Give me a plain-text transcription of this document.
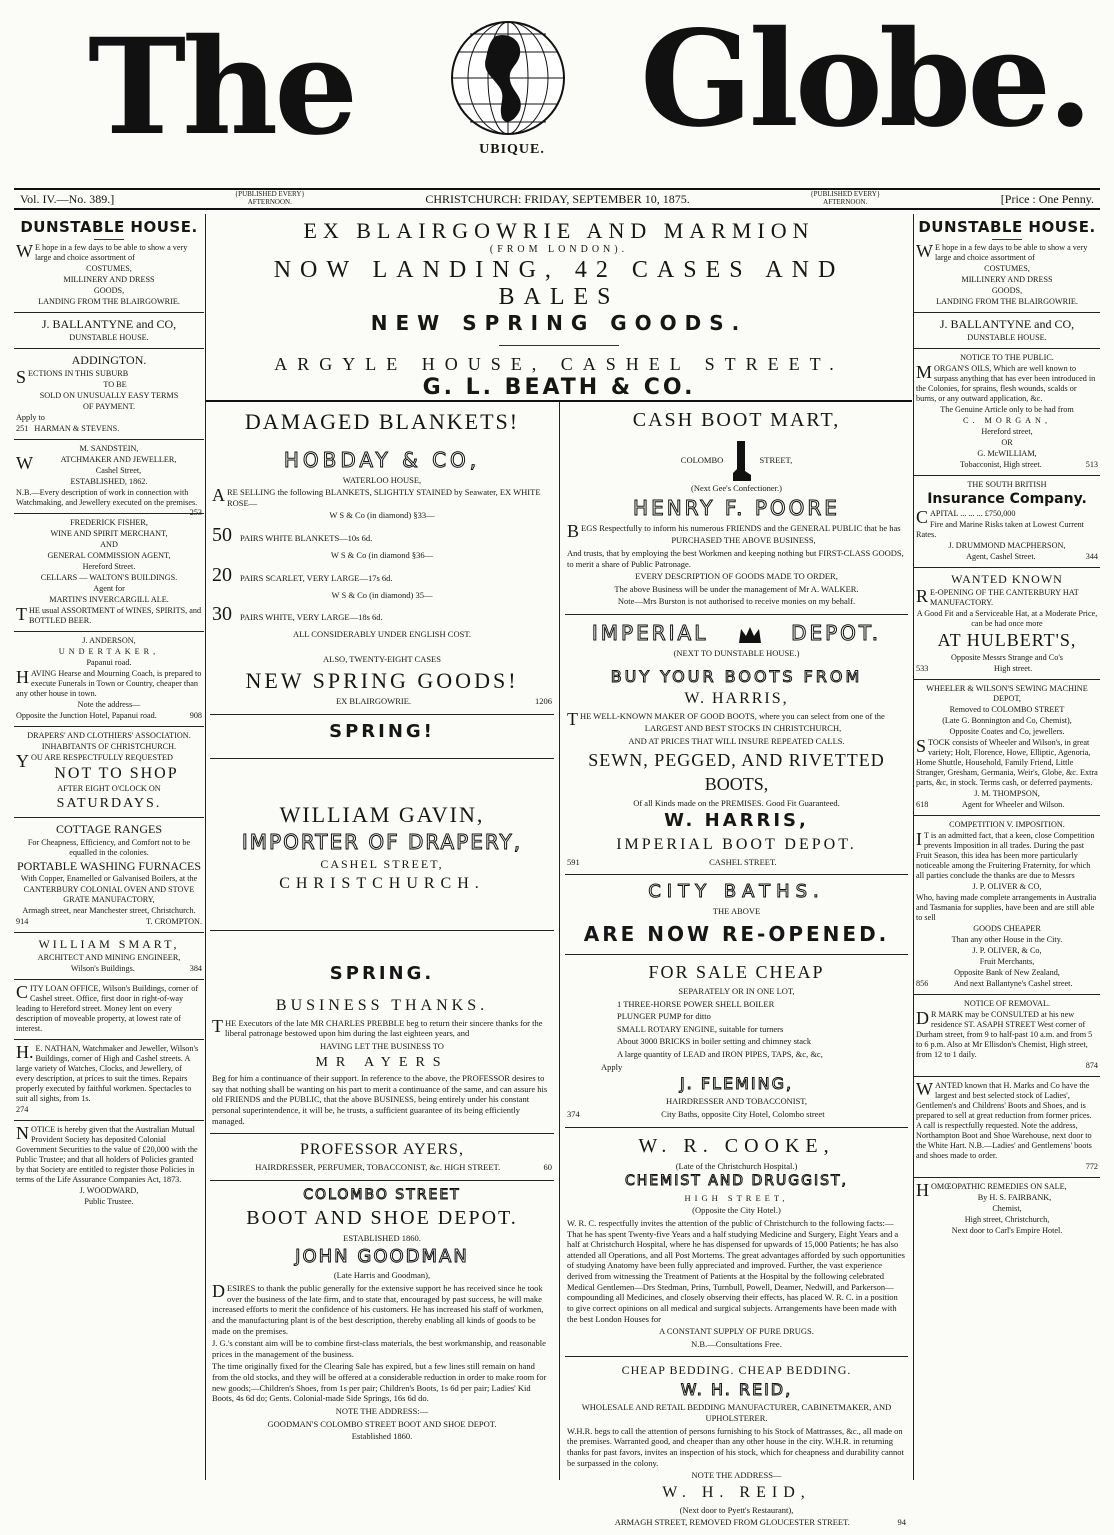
The	UBIQUE. Globe.
Vol. IV.—No. 389.]	{PUBLISHED EVERY}
AFTERNOON.	CHRISTCHURCH: FRIDAY, SEPTEMBER 10, 1875.	{PUBLISHED EVERY}
AFTERNOON.	[Price : One Penny.

DUNSTABLE HOUSE.

WE hope in a few days to be able to show a very large and choice assortment of

COSTUMES,

MILLINERY AND DRESS

GOODS,

LANDING FROM THE BLAIRGOWRIE.

J. BALLANTYNE and CO,

DUNSTABLE HOUSE.

ADDINGTON.

SECTIONS IN THIS SUBURB

TO BE

SOLD ON UNUSUALLY EASY TERMS

OF PAYMENT.

Apply to

251 HARMAN & STEVENS.

M. SANDSTEIN,

WATCHMAKER AND JEWELLER,

Cashel Street,

ESTABLISHED, 1862.

N.B.—Every description of work in connection with Watchmaking, and Jewellery executed on the premises.
253

FREDERICK FISHER,

WINE AND SPIRIT MERCHANT,

AND

GENERAL COMMISSION AGENT,

Hereford Street.

CELLARS — WALTON'S BUILDINGS.

Agent for

MARTIN'S INVERCARGILL ALE.

THE usual ASSORTMENT of WINES, SPIRITS, and BOTTLED BEER.

J. ANDERSON,

UNDERTAKER,

Papanui road.

HAVING Hearse and Mourning Coach, is prepared to execute Funerals in Town or Country, cheaper than any other house in town.

Note the address—

Opposite the Junction Hotel, Papanui road.	908

DRAPERS' AND CLOTHIERS' ASSOCIATION.

INHABITANTS OF CHRISTCHURCH.

YOU ARE RESPECTFULLY REQUESTED

NOT TO SHOP

AFTER EIGHT O'CLOCK ON

SATURDAYS.

COTTAGE RANGES

For Cheapness, Efficiency, and Comfort not to be equalled in the colonies.

PORTABLE WASHING FURNACES

With Copper, Enamelled or Galvanised Boilers, at the

CANTERBURY COLONIAL OVEN AND STOVE GRATE MANUFACTORY,

Armagh street, near Manchester street, Christchurch.

914	T. CROMPTON.

WILLIAM SMART,

ARCHITECT AND MINING ENGINEER,

Wilson's Buildings.	384

CITY LOAN OFFICE, Wilson's Buildings, corner of Cashel street. Office, first door in right-of-way leading to Hereford street. Money lent on every description of moveable property, at lowest rate of interest.

H.E. NATHAN, Watchmaker and Jeweller, Wilson's Buildings, corner of High and Cashel streets. A large variety of Watches, Clocks, and Jewellery, of every description, at prices to suit the times. Repairs properly executed by faithful workmen. Spectacles to suit all sights, from 1s.

274

NOTICE is hereby given that the Australian Mutual Provident Society has deposited Colonial Government Securities to the value of £20,000 with the Public Trustee; and that all holders of Policies granted by that Society are entitled to register those Policies in terms of the Life Assurance Companies Act, 1873.

J. WOODWARD,

Public Trustee.

EX BLAIRGOWRIE AND MARMION
(FROM LONDON).
NOW LANDING, 42 CASES AND BALES
NEW SPRING GOODS.
ARGYLE HOUSE, CASHEL STREET.
G. L. BEATH & CO.

DAMAGED BLANKETS!

HOBDAY & CO,

WATERLOO HOUSE,

ARE SELLING the following BLANKETS, SLIGHTLY STAINED by Seawater, EX WHITE ROSE—

W S & Co (in diamond) §33—

50 PAIRS WHITE BLANKETS—10s 6d.

W S & Co (in diamond §36—

20 PAIRS SCARLET, VERY LARGE—17s 6d.

W S & Co (in diamond) 35—

30 PAIRS WHITE, VERY LARGE—18s 6d.

ALL CONSIDERABLY UNDER ENGLISH COST.

ALSO, TWENTY-EIGHT CASES

NEW SPRING GOODS!

EX BLAIRGOWRIE.	1206

SPRING!

WILLIAM GAVIN,

IMPORTER OF DRAPERY,

CASHEL STREET,

CHRISTCHURCH.

SPRING.

BUSINESS THANKS.

THE Executors of the late MR CHARLES PREBBLE beg to return their sincere thanks for the liberal patronage bestowed upon him during the last eighteen years, and

HAVING LET THE BUSINESS TO

MR AYERS

Beg for him a continuance of their support. In reference to the above, the PROFESSOR desires to say that nothing shall be wanting on his part to merit a continuance of the same, and can assure his old FRIENDS and the PUBLIC, that the above BUSINESS, being entirely under his constant personal superintendence, it will be, he trusts, a sufficient guarantee of its being efficiently managed.

PROFESSOR AYERS,

HAIRDRESSER, PERFUMER, TOBACCONIST, &c. HIGH STREET.	60

COLOMBO STREET

BOOT AND SHOE DEPOT.

ESTABLISHED 1860.

JOHN GOODMAN

(Late Harris and Goodman),

DESIRES to thank the public generally for the extensive support he has received since he took over the business of the late firm, and to state that, encouraged by past success, he will make increased efforts to merit the confidence of his customers. He has increased his staff of workmen, and the manufacturing plant is of the best description, thereby enabling all kinds of goods to be made on the premises.

J. G.'s constant aim will be to combine first-class materials, the best workmanship, and reasonable prices in the management of the business.

The time originally fixed for the Clearing Sale has expired, but a few lines still remain on hand from the old stocks, and they will be offered at a considerable reduction in order to make room for new goods;—Children's Shoes, from 1s per pair; Children's Boots, 1s 6d per pair; Ladies' Kid Boots, 4s 6d do; Gents. Colonial-made Side Springs, 16s 6d do.

NOTE THE ADDRESS:—

GOODMAN'S COLOMBO STREET BOOT AND SHOE DEPOT.

Established 1860.

CASH BOOT MART,

COLOMBO	STREET,

(Next Gee's Confectioner.)

HENRY F. POORE

BEGS Respectfully to inform his numerous FRIENDS and the GENERAL PUBLIC that he has

PURCHASED THE ABOVE BUSINESS,

And trusts, that by employing the best Workmen and keeping nothing but FIRST-CLASS GOODS, to merit a share of Public Patronage.

EVERY DESCRIPTION OF GOODS MADE TO ORDER,

The above Business will be under the management of Mr A. WALKER.

Note—Mrs Burston is not authorised to receive monies on my behalf.

IMPERIAL	DEPOT.

(NEXT TO DUNSTABLE HOUSE.)

BUY YOUR BOOTS FROM

W. HARRIS,

THE WELL-KNOWN MAKER OF GOOD BOOTS, where you can select from one of the

LARGEST AND BEST STOCKS IN CHRISTCHURCH,

AND AT PRICES THAT WILL INSURE REPEATED CALLS.

SEWN, PEGGED, AND RIVETTED

BOOTS,

Of all Kinds made on the PREMISES. Good Fit Guaranteed.

W. HARRIS,

IMPERIAL BOOT DEPOT.

591	CASHEL STREET.

CITY BATHS.

THE ABOVE

ARE NOW RE-OPENED.

FOR SALE CHEAP

SEPARATELY OR IN ONE LOT,

1 THREE-HORSE POWER SHELL BOILER

PLUNGER PUMP for ditto

SMALL ROTARY ENGINE, suitable for turners

About 3000 BRICKS in boiler setting and chimney stack

A large quantity of LEAD and IRON PIPES, TAPS, &c, &c,

Apply

J. FLEMING,

HAIRDRESSER AND TOBACCONIST,

374	City Baths, opposite City Hotel, Colombo street

W. R. COOKE,

(Late of the Christchurch Hospital.)

CHEMIST AND DRUGGIST,

HIGH STREET,

(Opposite the City Hotel.)

W. R. C. respectfully invites the attention of the public of Christchurch to the following facts:—That he has spent Twenty-five Years and a half studying Medicine and Surgery, Eight Years and a half at Christchurch Hospital, where he has dispensed for upwards of 15,000 Patients; he has also attended all Operations, and all Post Mortems. The great advantages afforded by such opportunities of studying Anatomy have been fully appreciated and improved. Further, the vast experience derived from witnessing the Treatment of Patients at the Hospital by the following celebrated Medical Gentlemen—Drs Stedman, Prins, Turnbull, Powell, Deamer, Nedwill, and Parkerson—compounding all Medicines, and closely observing their effects, has placed W. R. C. in a position to give correct opinions on all medical and surgical subjects. Arrangements have been made with the best London Houses for

A CONSTANT SUPPLY OF PURE DRUGS.

N.B.—Consultations Free.

CHEAP BEDDING. CHEAP BEDDING.

W. H. REID,

WHOLESALE AND RETAIL BEDDING MANUFACTURER, CABINETMAKER, AND UPHOLSTERER.

W.H.R. begs to call the attention of persons furnishing to his Stock of Mattrasses, &c., all made on the premises. Warranted good, and cheaper than any other house in the city. W.H.R. in returning thanks for past favors, invites an inspection of his stock, which for cheapness and durability cannot be surpassed in the colony.

NOTE THE ADDRESS—

W. H. REID,

(Next door to Pyett's Restaurant),

ARMAGH STREET, REMOVED FROM GLOUCESTER STREET.	94

DUNSTABLE HOUSE.

WE hope in a few days to be able to show a very large and choice assortment of

COSTUMES,

MILLINERY AND DRESS

GOODS,

LANDING FROM THE BLAIRGOWRIE.

J. BALLANTYNE and CO,

DUNSTABLE HOUSE.

NOTICE TO THE PUBLIC.

MORGAN'S OILS, Which are well known to surpass anything that has ever been introduced in the Colonies, for sprains, flesh wounds, scalds or burns, or any outward application, &c.

The Genuine Article only to be had from

C. MORGAN,

Hereford street,

OR

G. McWILLIAM,

Tobacconist, High street.	513

THE SOUTH BRITISH

Insurance Company.

CAPITAL ... ... ... £750,000

Fire and Marine Risks taken at Lowest Current Rates.

J. DRUMMOND MACPHERSON,

Agent, Cashel Street.	344

WANTED KNOWN

RE-OPENING OF THE CANTERBURY HAT MANUFACTORY.

A Good Fit and a Serviceable Hat, at a Moderate Price, can be had once more

AT HULBERT'S,

Opposite Messrs Strange and Co's

533	High street.

WHEELER & WILSON'S SEWING MACHINE DEPOT,

Removed to COLOMBO STREET

(Late G. Bonnington and Co, Chemist),

Opposite Coates and Co, jewellers.

STOCK consists of Wheeler and Wilson's, in great variety; Holt, Florence, Howe, Elliptic, Agenoria, Home Shuttle, Household, Family Friend, Little Stranger, Gresham, Germania, Weir's, Globe, &c. Extra parts, &c, in stock. Terms cash, or deferred payments.

J. M. THOMPSON,

618	Agent for Wheeler and Wilson.

COMPETITION V. IMPOSITION.

IT is an admitted fact, that a keen, close Competition prevents Imposition in all trades. During the past Fruit Season, this idea has been more particularly noticeable among the Fruitering Fraternity, for which all parties conclude the thanks are due to Messrs

J. P. OLIVER & CO,

Who, having made complete arrangements in Australia and Tasmania for supplies, have been and are still able to sell

GOODS CHEAPER

Than any other House in the City.

J. P. OLIVER, & Co,

Fruit Merchants,

Opposite Bank of New Zealand,

856	And next Ballantyne's Cashel street.

NOTICE OF REMOVAL.

DR MARK may be CONSULTED at his new residence ST. ASAPH STREET West corner of Durham street, from 9 to half-past 10 a.m. and from 5 to 6 p.m. Also at Mr Ellisdon's Chemist, High street, from 12 to 1 daily.

874

WANTED known that H. Marks and Co have the largest and best selected stock of Ladies', Gentlemen's and Childrens' Boots and Shoes, and is prepared to sell at great reduction from former prices. A call is respectfully requested. Note the address, Northampton Boot and Shoe Warehouse, next door to the White Hart. N.B.—Ladies' and Gentlemens' boots and shoes made to order.

772

HOMŒOPATHIC REMEDIES ON SALE,

By H. S. FAIRBANK,

Chemist,

High street, Christchurch,

Next door to Carl's Empire Hotel.
